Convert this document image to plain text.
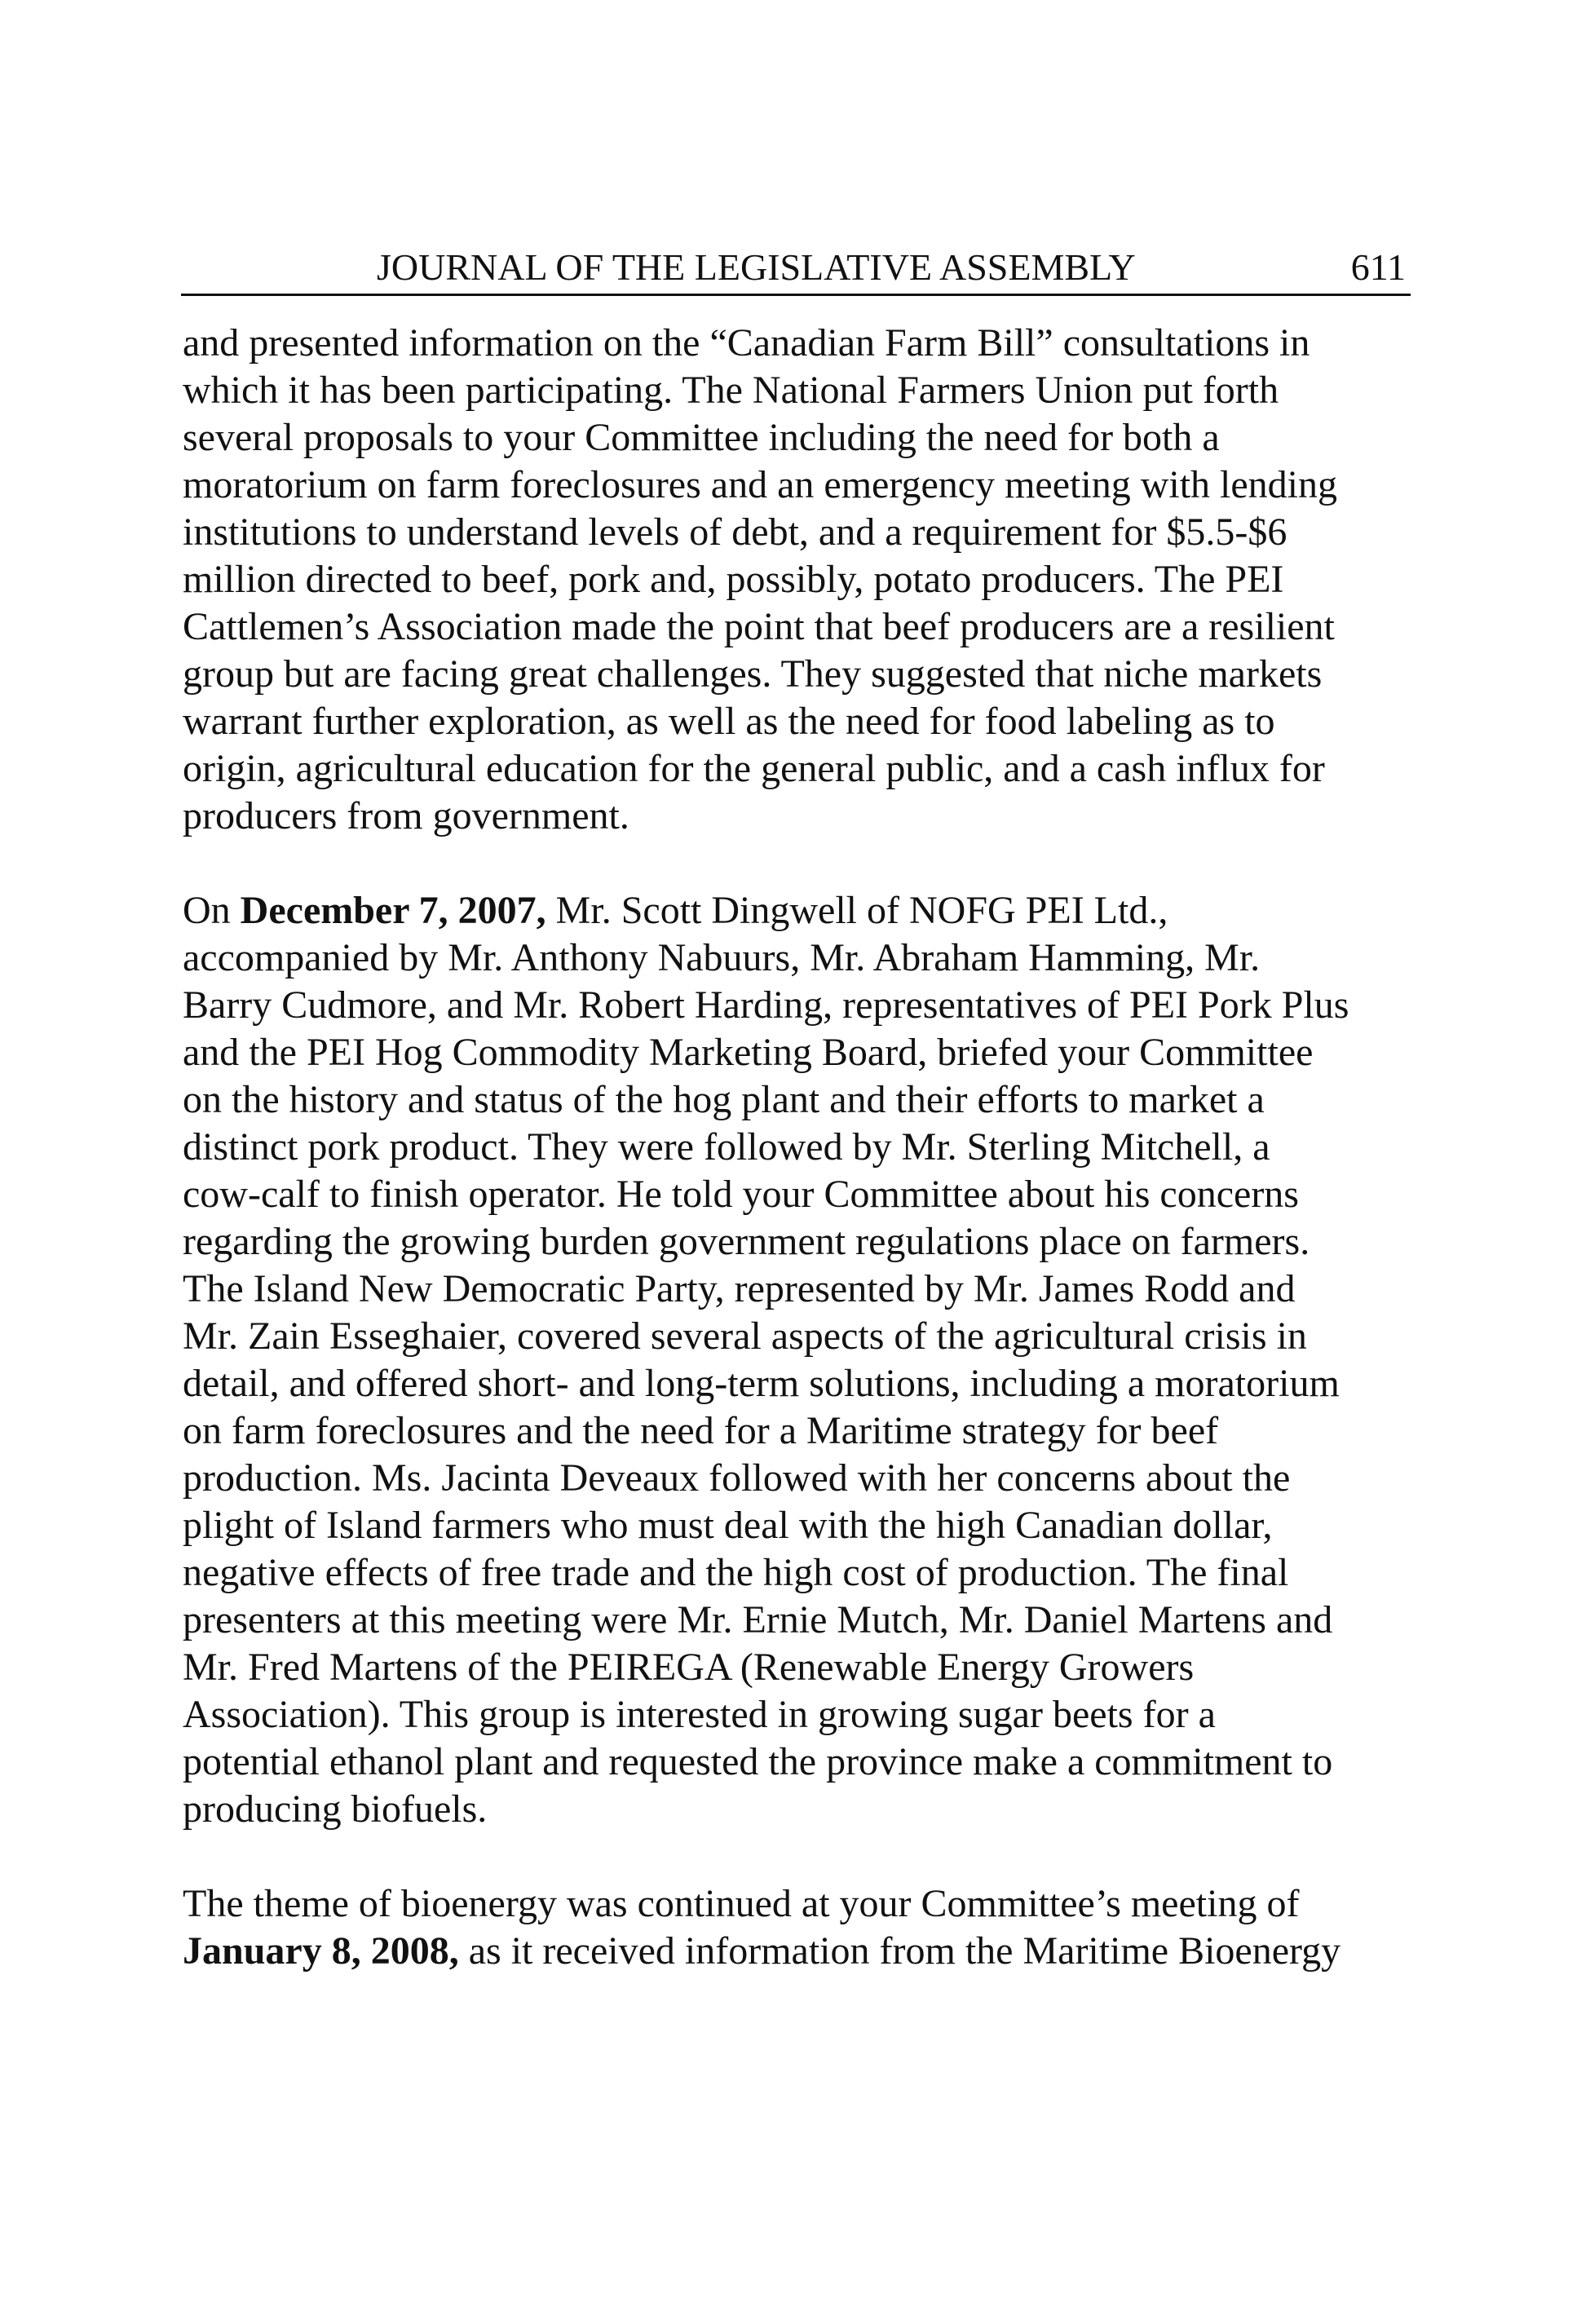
JOURNAL OF THE LEGISLATIVE ASSEMBLY	611

and presented information on the “Canadian Farm Bill” consultations in
which it has been participating. The National Farmers Union put forth
several proposals to your Committee including the need for both a
moratorium on farm foreclosures and an emergency meeting with lending
institutions to understand levels of debt, and a requirement for $5.5-$6
million directed to beef, pork and, possibly, potato producers. The PEI
Cattlemen’s Association made the point that beef producers are a resilient
group but are facing great challenges. They suggested that niche markets
warrant further exploration, as well as the need for food labeling as to
origin, agricultural education for the general public, and a cash influx for
producers from government.

On December 7, 2007, Mr. Scott Dingwell of NOFG PEI Ltd.,
accompanied by Mr. Anthony Nabuurs, Mr. Abraham Hamming, Mr.
Barry Cudmore, and Mr. Robert Harding, representatives of PEI Pork Plus
and the PEI Hog Commodity Marketing Board, briefed your Committee
on the history and status of the hog plant and their efforts to market a
distinct pork product. They were followed by Mr. Sterling Mitchell, a
cow-calf to finish operator. He told your Committee about his concerns
regarding the growing burden government regulations place on farmers.
The Island New Democratic Party, represented by Mr. James Rodd and
Mr. Zain Esseghaier, covered several aspects of the agricultural crisis in
detail, and offered short- and long-term solutions, including a moratorium
on farm foreclosures and the need for a Maritime strategy for beef
production. Ms. Jacinta Deveaux followed with her concerns about the
plight of Island farmers who must deal with the high Canadian dollar,
negative effects of free trade and the high cost of production. The final
presenters at this meeting were Mr. Ernie Mutch, Mr. Daniel Martens and
Mr. Fred Martens of the PEIREGA (Renewable Energy Growers
Association). This group is interested in growing sugar beets for a
potential ethanol plant and requested the province make a commitment to
producing biofuels.

The theme of bioenergy was continued at your Committee’s meeting of
January 8, 2008, as it received information from the Maritime Bioenergy
